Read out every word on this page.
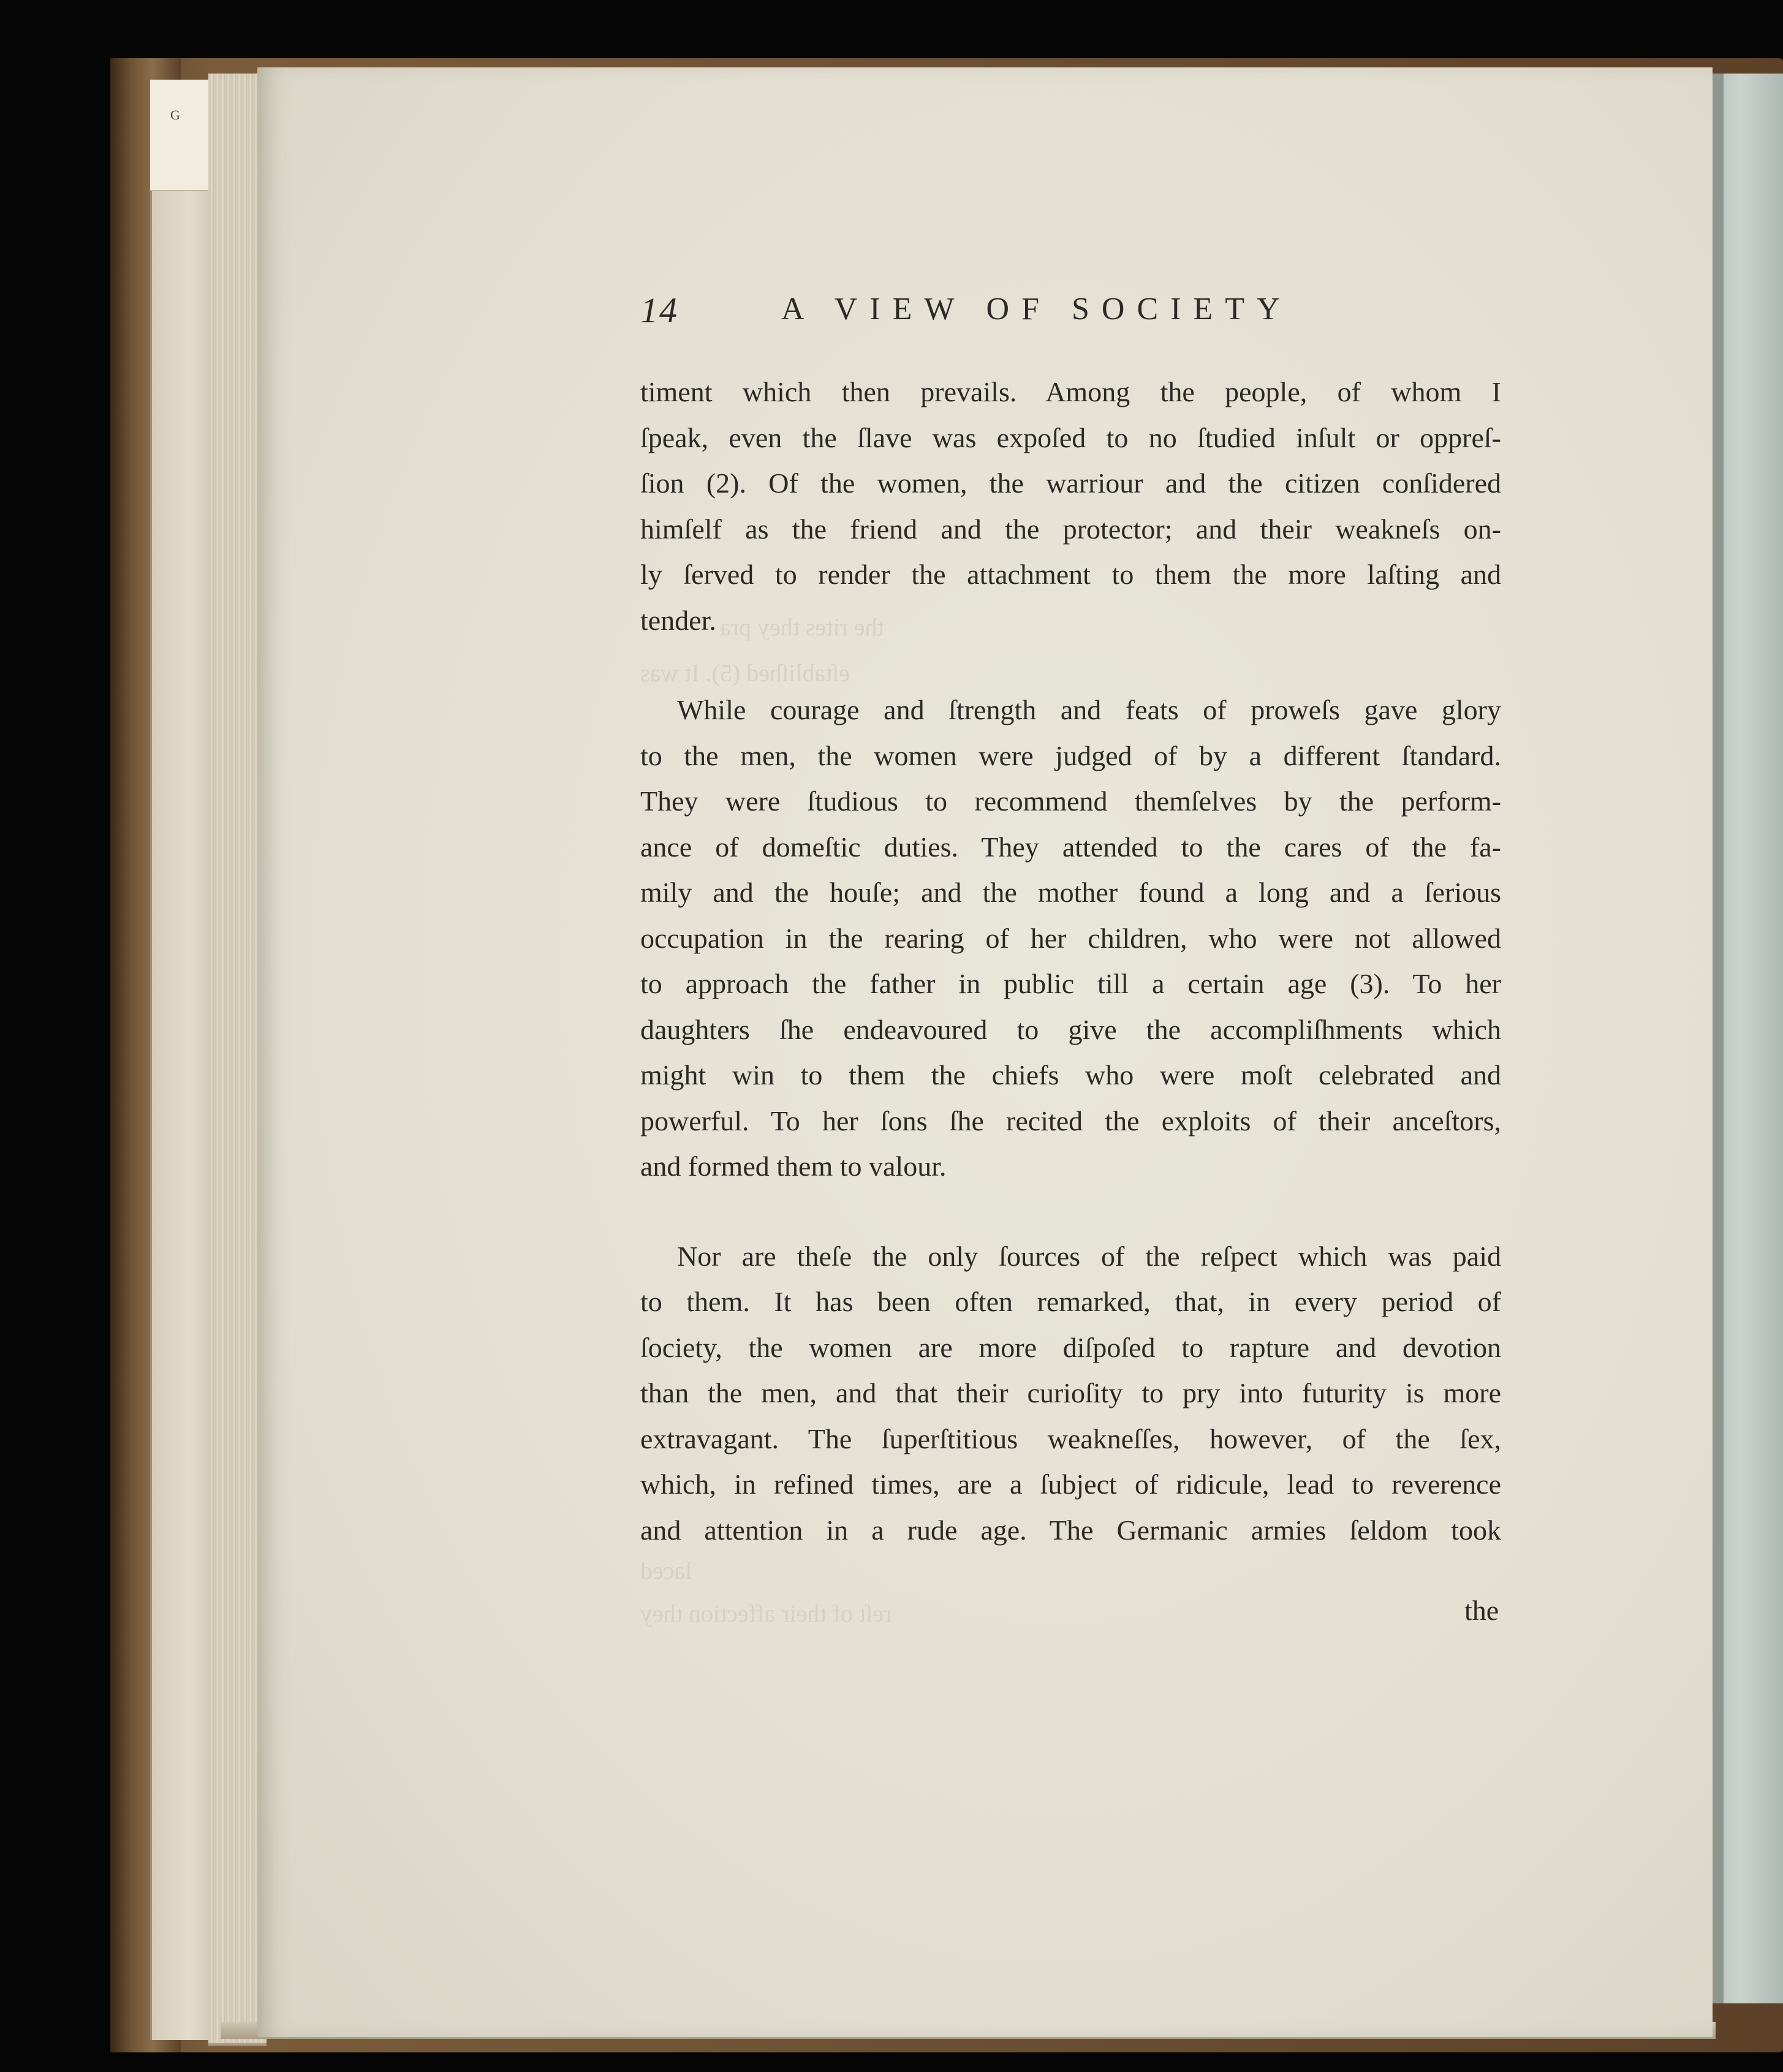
G
the rites they pra
eſtabliſhed (5). It was
laced
reſt of their affection they
14	A VIEW OF SOCIETY
timent which then prevails. Among the people, of whom I
ſpeak, even the ſlave was expoſed to no ſtudied inſult or oppreſ-
ſion (2). Of the women, the warriour and the citizen conſidered
himſelf as the friend and the protector; and their weakneſs on-
ly ſerved to render the attachment to them the more laſting and
tender.
While courage and ſtrength and feats of proweſs gave glory
to the men, the women were judged of by a different ſtandard.
They were ſtudious to recommend themſelves by the perform-
ance of domeſtic duties. They attended to the cares of the fa-
mily and the houſe; and the mother found a long and a ſerious
occupation in the rearing of her children, who were not allowed
to approach the father in public till a certain age (3). To her
daughters ſhe endeavoured to give the accompliſhments which
might win to them the chiefs who were moſt celebrated and
powerful. To her ſons ſhe recited the exploits of their anceſtors,
and formed them to valour.
Nor are theſe the only ſources of the reſpect which was paid
to them. It has been often remarked, that, in every period of
ſociety, the women are more diſpoſed to rapture and devotion
than the men, and that their curioſity to pry into futurity is more
extravagant. The ſuperſtitious weakneſſes, however, of the ſex,
which, in refined times, are a ſubject of ridicule, lead to reverence
and attention in a rude age. The Germanic armies ſeldom took
the
